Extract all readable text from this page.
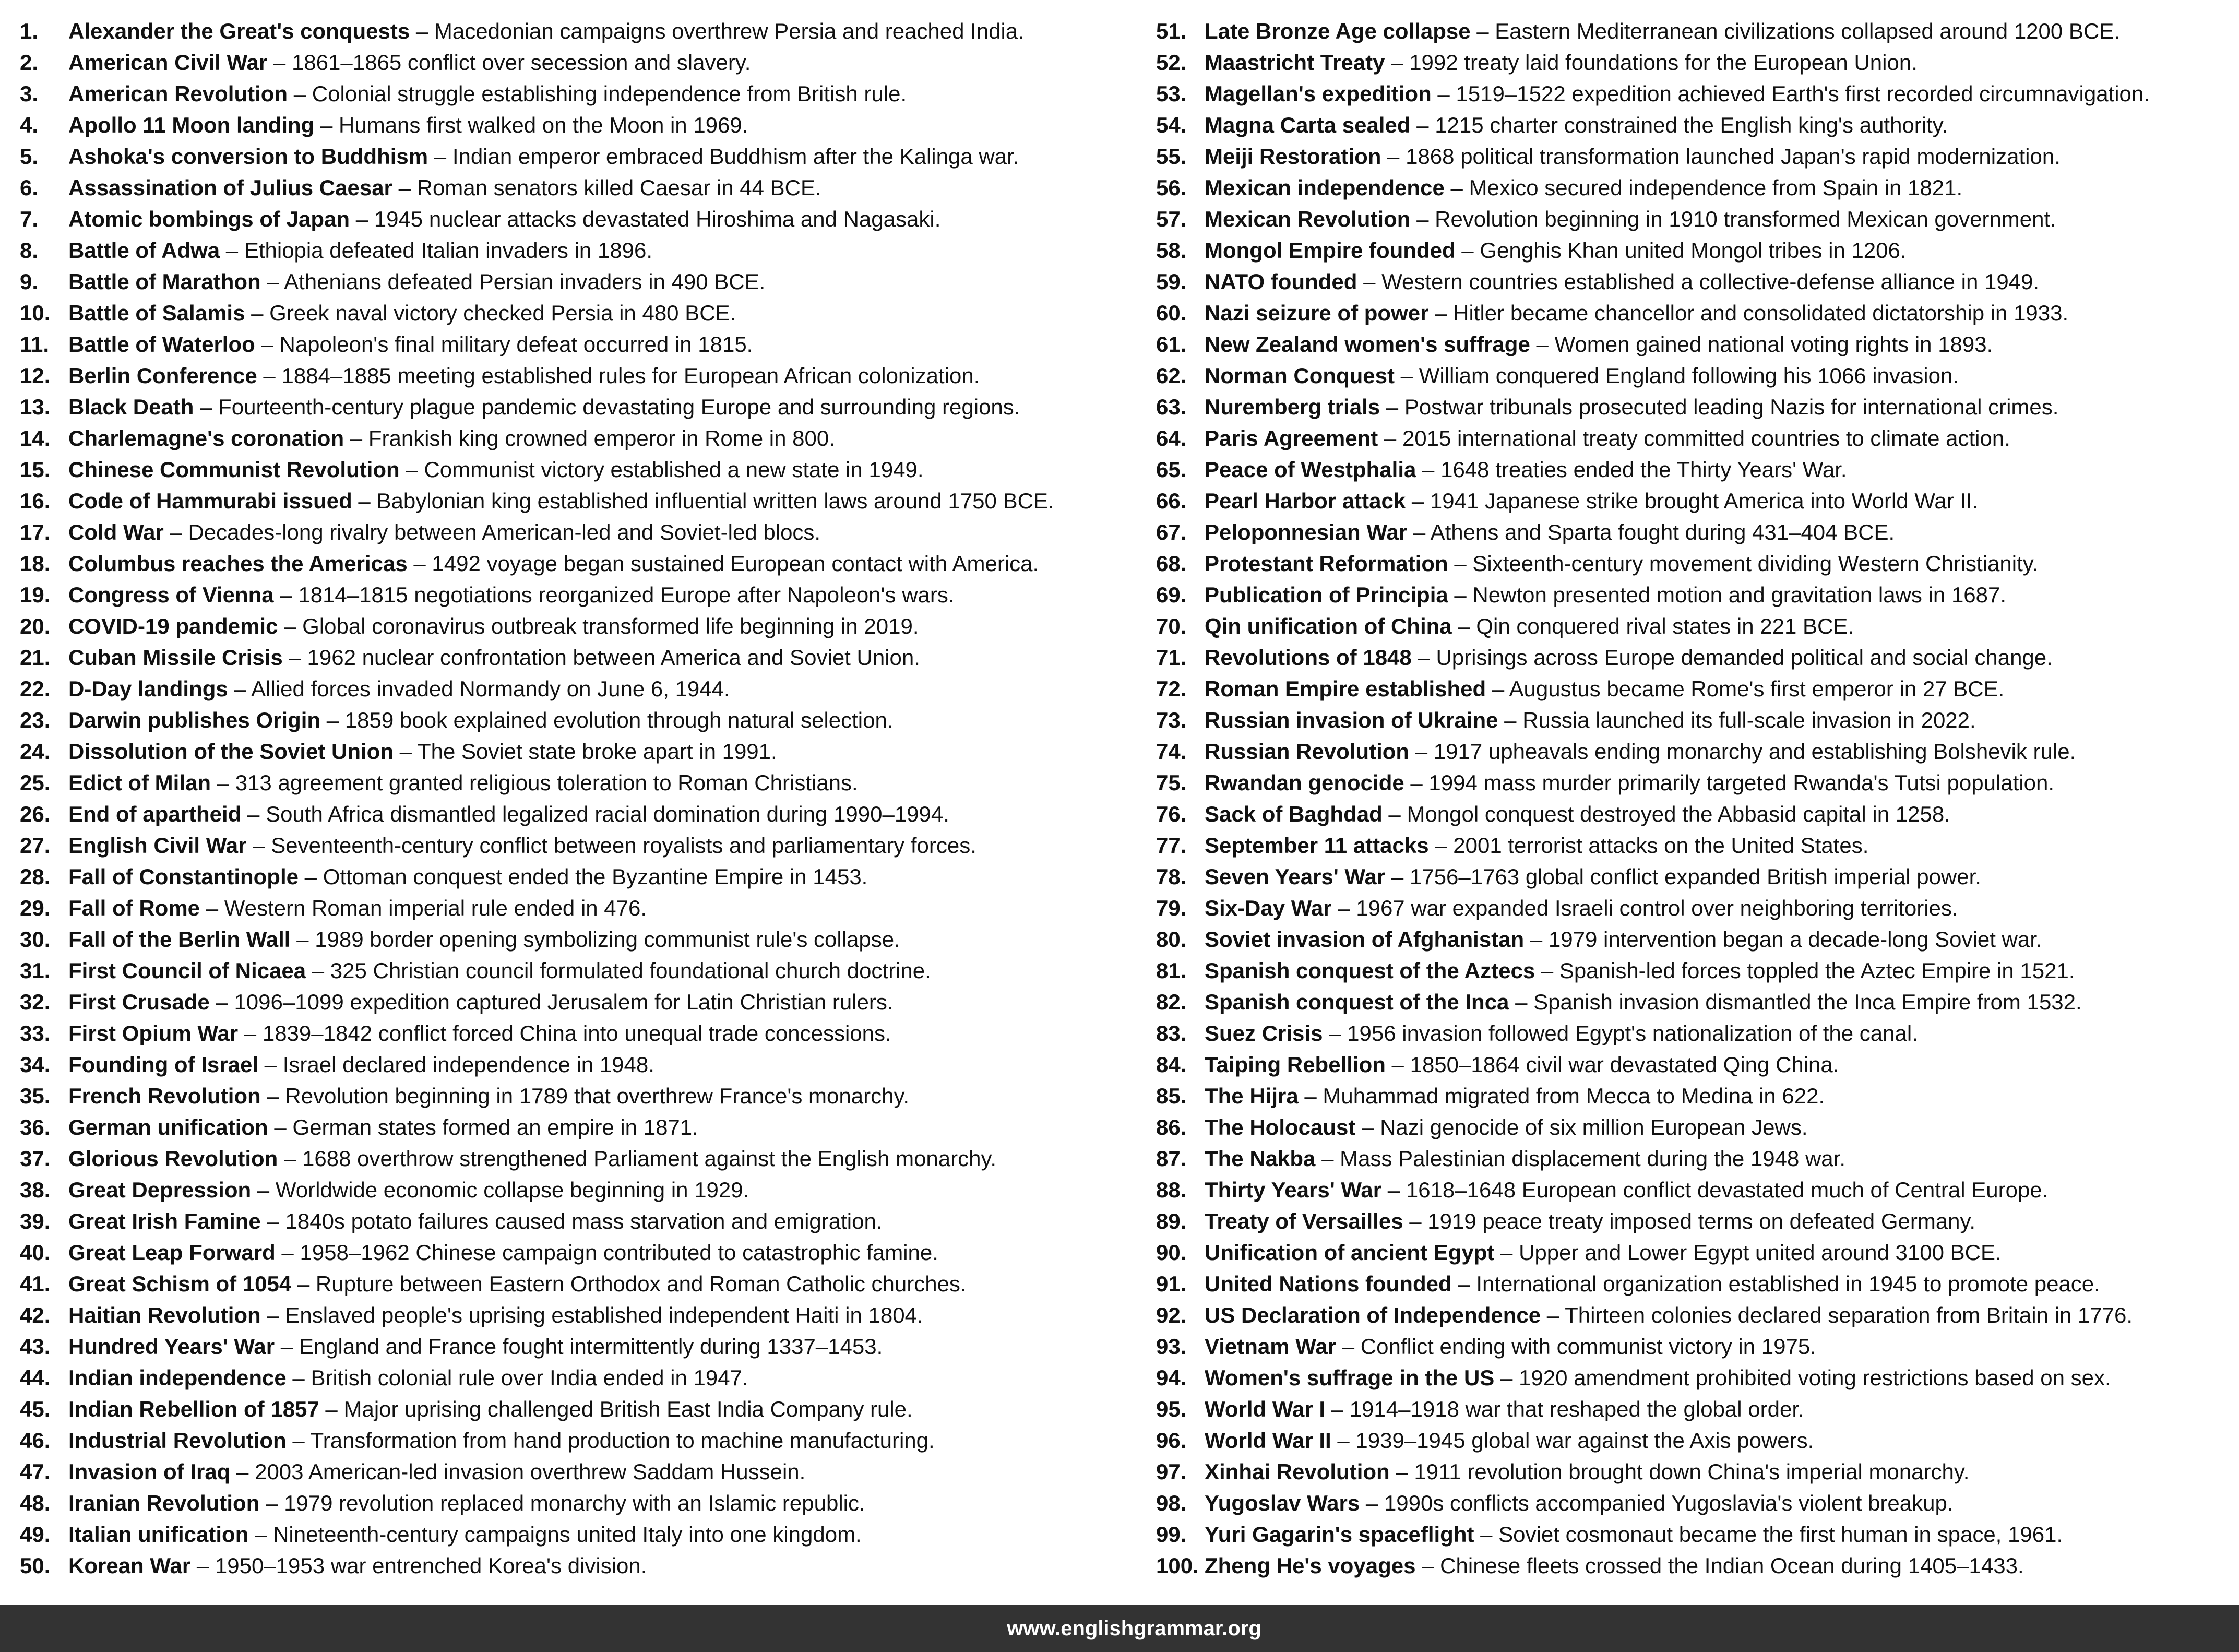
1. Alexander the Great's conquests – Macedonian campaigns overthrew Persia and reached India.
2. American Civil War – 1861–1865 conflict over secession and slavery.
3. American Revolution – Colonial struggle establishing independence from British rule.
4. Apollo 11 Moon landing – Humans first walked on the Moon in 1969.
5. Ashoka's conversion to Buddhism – Indian emperor embraced Buddhism after the Kalinga war.
6. Assassination of Julius Caesar – Roman senators killed Caesar in 44 BCE.
7. Atomic bombings of Japan – 1945 nuclear attacks devastated Hiroshima and Nagasaki.
8. Battle of Adwa – Ethiopia defeated Italian invaders in 1896.
9. Battle of Marathon – Athenians defeated Persian invaders in 490 BCE.
10. Battle of Salamis – Greek naval victory checked Persia in 480 BCE.
11. Battle of Waterloo – Napoleon's final military defeat occurred in 1815.
12. Berlin Conference – 1884–1885 meeting established rules for European African colonization.
13. Black Death – Fourteenth-century plague pandemic devastating Europe and surrounding regions.
14. Charlemagne's coronation – Frankish king crowned emperor in Rome in 800.
15. Chinese Communist Revolution – Communist victory established a new state in 1949.
16. Code of Hammurabi issued – Babylonian king established influential written laws around 1750 BCE.
17. Cold War – Decades-long rivalry between American-led and Soviet-led blocs.
18. Columbus reaches the Americas – 1492 voyage began sustained European contact with America.
19. Congress of Vienna – 1814–1815 negotiations reorganized Europe after Napoleon's wars.
20. COVID-19 pandemic – Global coronavirus outbreak transformed life beginning in 2019.
21. Cuban Missile Crisis – 1962 nuclear confrontation between America and Soviet Union.
22. D-Day landings – Allied forces invaded Normandy on June 6, 1944.
23. Darwin publishes Origin – 1859 book explained evolution through natural selection.
24. Dissolution of the Soviet Union – The Soviet state broke apart in 1991.
25. Edict of Milan – 313 agreement granted religious toleration to Roman Christians.
26. End of apartheid – South Africa dismantled legalized racial domination during 1990–1994.
27. English Civil War – Seventeenth-century conflict between royalists and parliamentary forces.
28. Fall of Constantinople – Ottoman conquest ended the Byzantine Empire in 1453.
29. Fall of Rome – Western Roman imperial rule ended in 476.
30. Fall of the Berlin Wall – 1989 border opening symbolizing communist rule's collapse.
31. First Council of Nicaea – 325 Christian council formulated foundational church doctrine.
32. First Crusade – 1096–1099 expedition captured Jerusalem for Latin Christian rulers.
33. First Opium War – 1839–1842 conflict forced China into unequal trade concessions.
34. Founding of Israel – Israel declared independence in 1948.
35. French Revolution – Revolution beginning in 1789 that overthrew France's monarchy.
36. German unification – German states formed an empire in 1871.
37. Glorious Revolution – 1688 overthrow strengthened Parliament against the English monarchy.
38. Great Depression – Worldwide economic collapse beginning in 1929.
39. Great Irish Famine – 1840s potato failures caused mass starvation and emigration.
40. Great Leap Forward – 1958–1962 Chinese campaign contributed to catastrophic famine.
41. Great Schism of 1054 – Rupture between Eastern Orthodox and Roman Catholic churches.
42. Haitian Revolution – Enslaved people's uprising established independent Haiti in 1804.
43. Hundred Years' War – England and France fought intermittently during 1337–1453.
44. Indian independence – British colonial rule over India ended in 1947.
45. Indian Rebellion of 1857 – Major uprising challenged British East India Company rule.
46. Industrial Revolution – Transformation from hand production to machine manufacturing.
47. Invasion of Iraq – 2003 American-led invasion overthrew Saddam Hussein.
48. Iranian Revolution – 1979 revolution replaced monarchy with an Islamic republic.
49. Italian unification – Nineteenth-century campaigns united Italy into one kingdom.
50. Korean War – 1950–1953 war entrenched Korea's division.
51. Late Bronze Age collapse – Eastern Mediterranean civilizations collapsed around 1200 BCE.
52. Maastricht Treaty – 1992 treaty laid foundations for the European Union.
53. Magellan's expedition – 1519–1522 expedition achieved Earth's first recorded circumnavigation.
54. Magna Carta sealed – 1215 charter constrained the English king's authority.
55. Meiji Restoration – 1868 political transformation launched Japan's rapid modernization.
56. Mexican independence – Mexico secured independence from Spain in 1821.
57. Mexican Revolution – Revolution beginning in 1910 transformed Mexican government.
58. Mongol Empire founded – Genghis Khan united Mongol tribes in 1206.
59. NATO founded – Western countries established a collective-defense alliance in 1949.
60. Nazi seizure of power – Hitler became chancellor and consolidated dictatorship in 1933.
61. New Zealand women's suffrage – Women gained national voting rights in 1893.
62. Norman Conquest – William conquered England following his 1066 invasion.
63. Nuremberg trials – Postwar tribunals prosecuted leading Nazis for international crimes.
64. Paris Agreement – 2015 international treaty committed countries to climate action.
65. Peace of Westphalia – 1648 treaties ended the Thirty Years' War.
66. Pearl Harbor attack – 1941 Japanese strike brought America into World War II.
67. Peloponnesian War – Athens and Sparta fought during 431–404 BCE.
68. Protestant Reformation – Sixteenth-century movement dividing Western Christianity.
69. Publication of Principia – Newton presented motion and gravitation laws in 1687.
70. Qin unification of China – Qin conquered rival states in 221 BCE.
71. Revolutions of 1848 – Uprisings across Europe demanded political and social change.
72. Roman Empire established – Augustus became Rome's first emperor in 27 BCE.
73. Russian invasion of Ukraine – Russia launched its full-scale invasion in 2022.
74. Russian Revolution – 1917 upheavals ending monarchy and establishing Bolshevik rule.
75. Rwandan genocide – 1994 mass murder primarily targeted Rwanda's Tutsi population.
76. Sack of Baghdad – Mongol conquest destroyed the Abbasid capital in 1258.
77. September 11 attacks – 2001 terrorist attacks on the United States.
78. Seven Years' War – 1756–1763 global conflict expanded British imperial power.
79. Six-Day War – 1967 war expanded Israeli control over neighboring territories.
80. Soviet invasion of Afghanistan – 1979 intervention began a decade-long Soviet war.
81. Spanish conquest of the Aztecs – Spanish-led forces toppled the Aztec Empire in 1521.
82. Spanish conquest of the Inca – Spanish invasion dismantled the Inca Empire from 1532.
83. Suez Crisis – 1956 invasion followed Egypt's nationalization of the canal.
84. Taiping Rebellion – 1850–1864 civil war devastated Qing China.
85. The Hijra – Muhammad migrated from Mecca to Medina in 622.
86. The Holocaust – Nazi genocide of six million European Jews.
87. The Nakba – Mass Palestinian displacement during the 1948 war.
88. Thirty Years' War – 1618–1648 European conflict devastated much of Central Europe.
89. Treaty of Versailles – 1919 peace treaty imposed terms on defeated Germany.
90. Unification of ancient Egypt – Upper and Lower Egypt united around 3100 BCE.
91. United Nations founded – International organization established in 1945 to promote peace.
92. US Declaration of Independence – Thirteen colonies declared separation from Britain in 1776.
93. Vietnam War – Conflict ending with communist victory in 1975.
94. Women's suffrage in the US – 1920 amendment prohibited voting restrictions based on sex.
95. World War I – 1914–1918 war that reshaped the global order.
96. World War II – 1939–1945 global war against the Axis powers.
97. Xinhai Revolution – 1911 revolution brought down China's imperial monarchy.
98. Yugoslav Wars – 1990s conflicts accompanied Yugoslavia's violent breakup.
99. Yuri Gagarin's spaceflight – Soviet cosmonaut became the first human in space, 1961.
100. Zheng He's voyages – Chinese fleets crossed the Indian Ocean during 1405–1433.
www.englishgrammar.org
